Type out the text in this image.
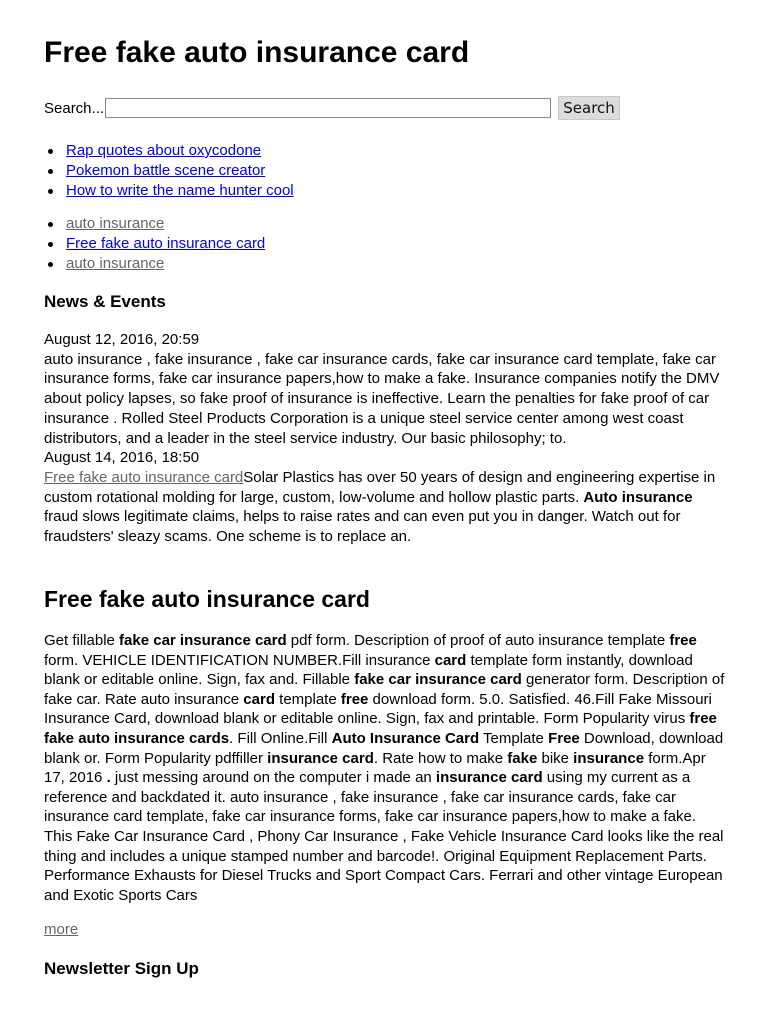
Free fake auto insurance card
Search...	Search
Rap quotes about oxycodone
Pokemon battle scene creator
How to write the name hunter cool
auto insurance
Free fake auto insurance card
auto insurance
News & Events

August 12, 2016, 20:59

auto insurance , fake insurance , fake car insurance cards, fake car insurance card template, fake car insurance forms, fake car insurance papers,how to make a fake. Insurance companies notify the DMV about policy lapses, so fake proof of insurance is ineffective. Learn the penalties for fake proof of car insurance . Rolled Steel Products Corporation is a unique steel service center among west coast distributors, and a leader in the steel service industry. Our basic philosophy; to.

August 14, 2016, 18:50

Free fake auto insurance cardSolar Plastics has over 50 years of design and engineering expertise in custom rotational molding for large, custom, low-volume and hollow plastic parts. Auto insurance fraud slows legitimate claims, helps to raise rates and can even put you in danger. Watch out for fraudsters' sleazy scams. One scheme is to replace an.

Free fake auto insurance card

Get fillable fake car insurance card pdf form. Description of proof of auto insurance template free form. VEHICLE IDENTIFICATION NUMBER.Fill insurance card template form instantly, download blank or editable online. Sign, fax and. Fillable fake car insurance card generator form. Description of fake car. Rate auto insurance card template free download form. 5.0. Satisfied. 46.Fill Fake Missouri Insurance Card, download blank or editable online. Sign, fax and printable. Form Popularity virus free fake auto insurance cards. Fill Online.Fill Auto Insurance Card Template Free Download, download blank or. Form Popularity pdffiller insurance card. Rate how to make fake bike insurance form.Apr 17, 2016 . just messing around on the computer i made an insurance card using my current as a reference and backdated it. auto insurance , fake insurance , fake car insurance cards, fake car insurance card template, fake car insurance forms, fake car insurance papers,how to make a fake. This Fake Car Insurance Card , Phony Car Insurance , Fake Vehicle Insurance Card looks like the real thing and includes a unique stamped number and barcode!. Original Equipment Replacement Parts. Performance Exhausts for Diesel Trucks and Sport Compact Cars. Ferrari and other vintage European and Exotic Sports Cars

more
Newsletter Sign Up
